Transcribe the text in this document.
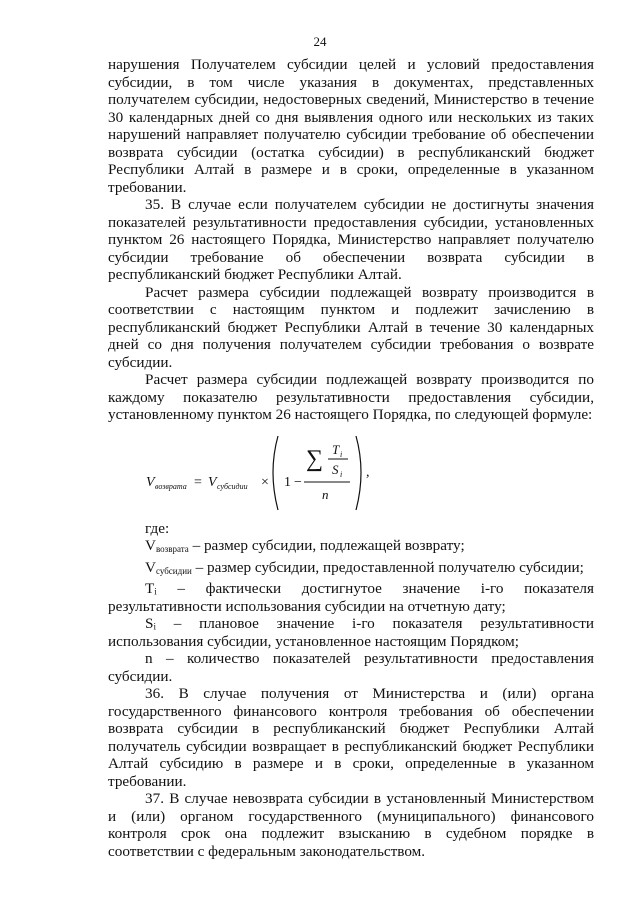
24

нарушения Получателем субсидии целей и условий предоставления субсидии, в том числе указания в документах, представленных получателем субсидии, недостоверных сведений, Министерство в течение 30 календарных дней со дня выявления одного или нескольких из таких нарушений направляет получателю субсидии требование об обеспечении возврата субсидии (остатка субсидии) в республиканский бюджет Республики Алтай в размере и в сроки, определенные в указанном требовании.

35. В случае если получателем субсидии не достигнуты значения показателей результативности предоставления субсидии, установленных пунктом 26 настоящего Порядка, Министерство направляет получателю субсидии требование об обеспечении возврата субсидии в республиканский бюджет Республики Алтай.

Расчет размера субсидии подлежащей возврату производится в соответствии с настоящим пунктом и подлежит зачислению в республиканский бюджет Республики Алтай в течение 30 календарных дней со дня получения получателем субсидии требования о возврате субсидии.

Расчет размера субсидии подлежащей возврату производится по каждому показателю результативности предоставления субсидии, установленному пунктом 26 настоящего Порядка, по следующей формуле:

V возврата = V субсидии × 1 −
∑ T i
S i
n
,

где:

$V_{возврата}$ – размер субсидии, подлежащей возврату;

$V_{субсидии}$ – размер субсидии, предоставленной получателю субсидии;

Tᵢ – фактически достигнутое значение i-го показателя результативности использования субсидии на отчетную дату;

Sᵢ – плановое значение i-го показателя результативности использования субсидии, установленное настоящим Порядком;

n – количество показателей результативности предоставления субсидии.

36. В случае получения от Министерства и (или) органа государственного финансового контроля требования об обеспечении возврата субсидии в республиканский бюджет Республики Алтай получатель субсидии возвращает в республиканский бюджет Республики Алтай субсидию в размере и в сроки, определенные в указанном требовании.

37. В случае невозврата субсидии в установленный Министерством и (или) органом государственного (муниципального) финансового контроля срок она подлежит взысканию в судебном порядке в соответствии с федеральным законодательством.
